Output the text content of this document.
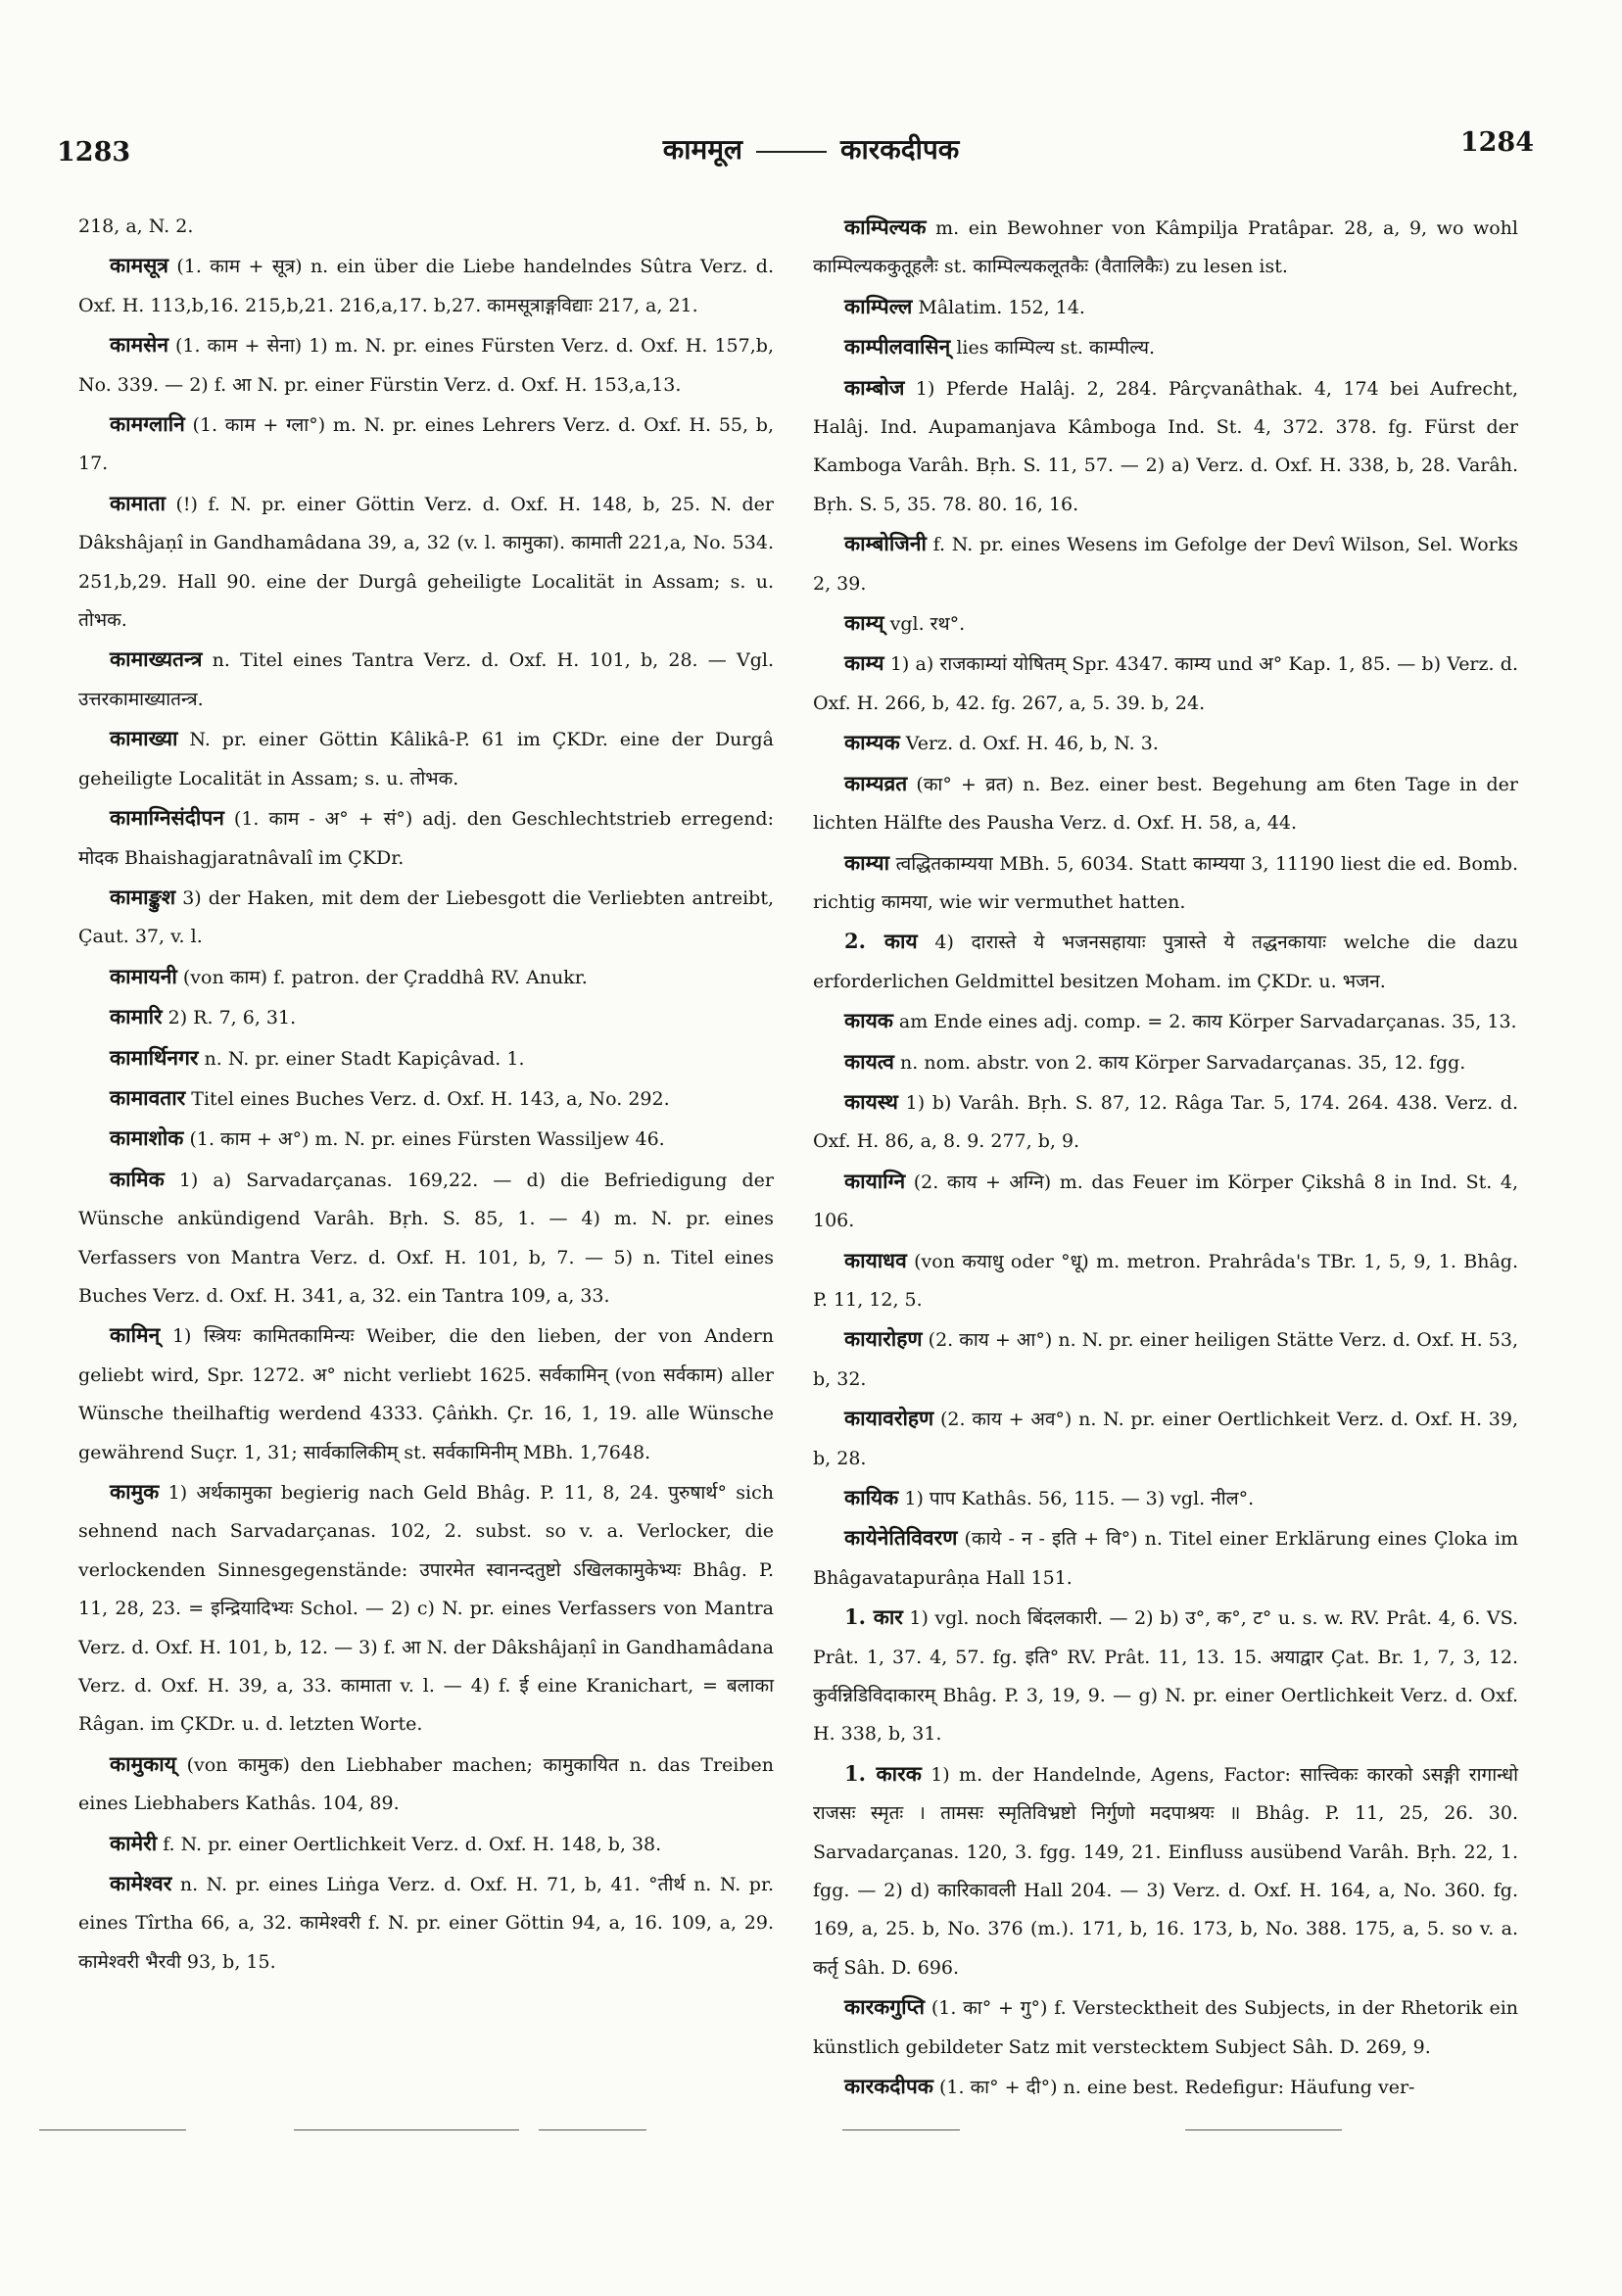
1283	काममूल	कारकदीपक	1284

218, a, N. 2.

कामसूत्र (1. काम + सूत्र) n. ein über die Liebe handelndes Sûtra Verz. d. Oxf. H. 113,b,16. 215,b,21. 216,a,17. b,27. कामसूत्राङ्गविद्याः 217, a, 21.

कामसेन (1. काम + सेना) 1) m. N. pr. eines Fürsten Verz. d. Oxf. H. 157,b, No. 339. — 2) f. आ N. pr. einer Fürstin Verz. d. Oxf. H. 153,a,13.

कामग्लानि (1. काम + ग्ला°) m. N. pr. eines Lehrers Verz. d. Oxf. H. 55, b, 17.

कामाता (!) f. N. pr. einer Göttin Verz. d. Oxf. H. 148, b, 25. N. der Dâkshâjaṇî in Gandhamâdana 39, a, 32 (v. l. कामुका). कामाती 221,a, No. 534. 251,b,29. Hall 90. eine der Durgâ geheiligte Localität in Assam; s. u. तोभक.

कामाख्यतन्त्र n. Titel eines Tantra Verz. d. Oxf. H. 101, b, 28. — Vgl. उत्तरकामाख्यातन्त्र.

कामाख्या N. pr. einer Göttin Kâlikâ-P. 61 im ÇKDr. eine der Durgâ geheiligte Localität in Assam; s. u. तोभक.

कामाग्निसंदीपन (1. काम - अ° + सं°) adj. den Geschlechtstrieb erregend: मोदक Bhaishagjaratnâvalî im ÇKDr.

कामाङ्कुश 3) der Haken, mit dem der Liebesgott die Verliebten antreibt, Çaut. 37, v. l.

कामायनी (von काम) f. patron. der Çraddhâ RV. Anukr.

कामारि 2) R. 7, 6, 31.

कामार्थिनगर n. N. pr. einer Stadt Kapiçâvad. 1.

कामावतार Titel eines Buches Verz. d. Oxf. H. 143, a, No. 292.

कामाशोक (1. काम + अ°) m. N. pr. eines Fürsten Wassiljew 46.

कामिक 1) a) Sarvadarçanas. 169,22. — d) die Befriedigung der Wünsche ankündigend Varâh. Bṛh. S. 85, 1. — 4) m. N. pr. eines Verfassers von Mantra Verz. d. Oxf. H. 101, b, 7. — 5) n. Titel eines Buches Verz. d. Oxf. H. 341, a, 32. ein Tantra 109, a, 33.

कामिन् 1) स्त्रियः कामितकामिन्यः Weiber, die den lieben, der von Andern geliebt wird, Spr. 1272. अ° nicht verliebt 1625. सर्वकामिन् (von सर्वकाम) aller Wünsche theilhaftig werdend 4333. Çâṅkh. Çr. 16, 1, 19. alle Wünsche gewährend Suçr. 1, 31; सार्वकालिकीम् st. सर्वकामिनीम् MBh. 1,7648.

कामुक 1) अर्थकामुका begierig nach Geld Bhâg. P. 11, 8, 24. पुरुषार्थ° sich sehnend nach Sarvadarçanas. 102, 2. subst. so v. a. Verlocker, die verlockenden Sinnesgegenstände: उपारमेत स्वानन्दतुष्टो ऽखिलकामुकेभ्यः Bhâg. P. 11, 28, 23. = इन्द्रियादिभ्यः Schol. — 2) c) N. pr. eines Verfassers von Mantra Verz. d. Oxf. H. 101, b, 12. — 3) f. आ N. der Dâkshâjaṇî in Gandhamâdana Verz. d. Oxf. H. 39, a, 33. कामाता v. l. — 4) f. ई eine Kranichart, = बलाका Râgan. im ÇKDr. u. d. letzten Worte.

कामुकाय् (von कामुक) den Liebhaber machen; कामुकायित n. das Treiben eines Liebhabers Kathâs. 104, 89.

कामेरी f. N. pr. einer Oertlichkeit Verz. d. Oxf. H. 148, b, 38.

कामेश्वर n. N. pr. eines Liṅga Verz. d. Oxf. H. 71, b, 41. °तीर्थ n. N. pr. eines Tîrtha 66, a, 32. कामेश्वरी f. N. pr. einer Göttin 94, a, 16. 109, a, 29. कामेश्वरी भैरवी 93, b, 15.

काम्पिल्यक m. ein Bewohner von Kâmpilja Pratâpar. 28, a, 9, wo wohl काम्पिल्यककुतूहलैः st. काम्पिल्यकलूतकैः (वैतालिकैः) zu lesen ist.

काम्पिल्ल Mâlatim. 152, 14.

काम्पीलवासिन् lies काम्पिल्य st. काम्पील्य.

काम्बोज 1) Pferde Halâj. 2, 284. Pârçvanâthak. 4, 174 bei Aufrecht, Halâj. Ind. Aupamanjava Kâmboga Ind. St. 4, 372. 378. fg. Fürst der Kamboga Varâh. Bṛh. S. 11, 57. — 2) a) Verz. d. Oxf. H. 338, b, 28. Varâh. Bṛh. S. 5, 35. 78. 80. 16, 16.

काम्बोजिनी f. N. pr. eines Wesens im Gefolge der Devî Wilson, Sel. Works 2, 39.

काम्य् vgl. रथ°.

काम्य 1) a) राजकाम्यां योषितम् Spr. 4347. काम्य und अ° Kap. 1, 85. — b) Verz. d. Oxf. H. 266, b, 42. fg. 267, a, 5. 39. b, 24.

काम्यक Verz. d. Oxf. H. 46, b, N. 3.

काम्यव्रत (का° + व्रत) n. Bez. einer best. Begehung am 6ten Tage in der lichten Hälfte des Pausha Verz. d. Oxf. H. 58, a, 44.

काम्या त्वद्धितकाम्यया MBh. 5, 6034. Statt काम्यया 3, 11190 liest die ed. Bomb. richtig कामया, wie wir vermuthet hatten.

2. काय 4) दारास्ते ये भजनसहायाः पुत्रास्ते ये तद्धनकायाः welche die dazu erforderlichen Geldmittel besitzen Moham. im ÇKDr. u. भजन.

कायक am Ende eines adj. comp. = 2. काय Körper Sarvadarçanas. 35, 13.

कायत्व n. nom. abstr. von 2. काय Körper Sarvadarçanas. 35, 12. fgg.

कायस्थ 1) b) Varâh. Bṛh. S. 87, 12. Râga Tar. 5, 174. 264. 438. Verz. d. Oxf. H. 86, a, 8. 9. 277, b, 9.

कायाग्नि (2. काय + अग्नि) m. das Feuer im Körper Çikshâ 8 in Ind. St. 4, 106.

कायाधव (von कयाधु oder °धू) m. metron. Prahrâda's TBr. 1, 5, 9, 1. Bhâg. P. 11, 12, 5.

कायारोहण (2. काय + आ°) n. N. pr. einer heiligen Stätte Verz. d. Oxf. H. 53, b, 32.

कायावरोहण (2. काय + अव°) n. N. pr. einer Oertlichkeit Verz. d. Oxf. H. 39, b, 28.

कायिक 1) पाप Kathâs. 56, 115. — 3) vgl. नील°.

कायेनेतिविवरण (काये - न - इति + वि°) n. Titel einer Erklärung eines Çloka im Bhâgavatapurâṇa Hall 151.

1. कार 1) vgl. noch बिंदलकारी. — 2) b) उ°, क°, ट° u. s. w. RV. Prât. 4, 6. VS. Prât. 1, 37. 4, 57. fg. इति° RV. Prât. 11, 13. 15. अयाद्वार Çat. Br. 1, 7, 3, 12. कुर्वन्निडिविदाकारम् Bhâg. P. 3, 19, 9. — g) N. pr. einer Oertlichkeit Verz. d. Oxf. H. 338, b, 31.

1. कारक 1) m. der Handelnde, Agens, Factor: सात्त्विकः कारको ऽसङ्गी रागान्धो राजसः स्मृतः । तामसः स्मृतिविभ्रष्टो निर्गुणो मदपाश्रयः ॥ Bhâg. P. 11, 25, 26. 30. Sarvadarçanas. 120, 3. fgg. 149, 21. Einfluss ausübend Varâh. Bṛh. 22, 1. fgg. — 2) d) कारिकावली Hall 204. — 3) Verz. d. Oxf. H. 164, a, No. 360. fg. 169, a, 25. b, No. 376 (m.). 171, b, 16. 173, b, No. 388. 175, a, 5. so v. a. कर्तृ Sâh. D. 696.

कारकगुप्ति (1. का° + गु°) f. Verstecktheit des Subjects, in der Rhetorik ein künstlich gebildeter Satz mit verstecktem Subject Sâh. D. 269, 9.

कारकदीपक (1. का° + दी°) n. eine best. Redefigur: Häufung ver-
